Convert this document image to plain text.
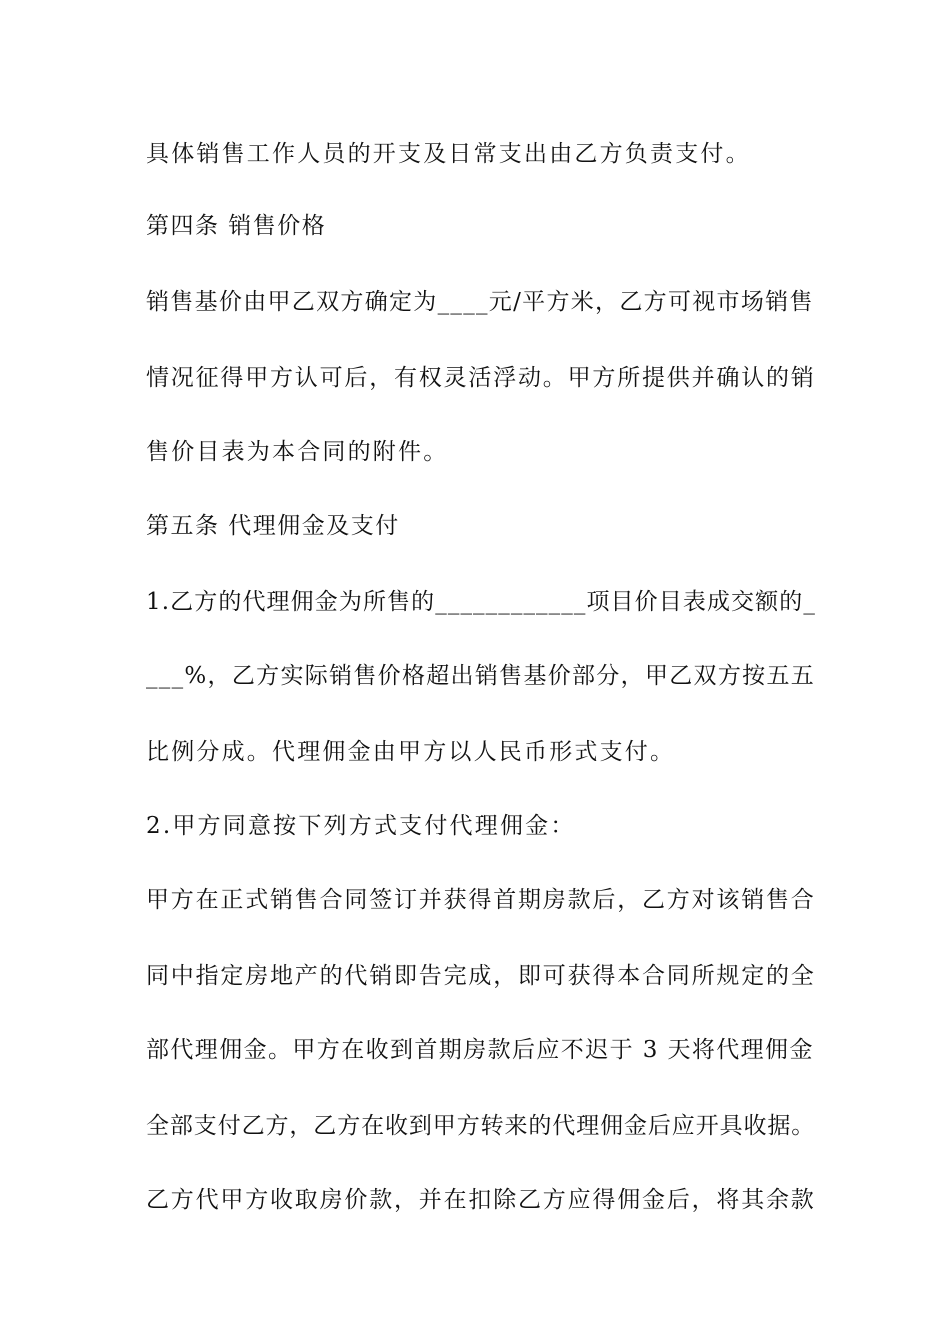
具体销售工作人员的开支及日常支出由乙方负责支付。
第四条 销售价格
销售基价由甲乙双方确定为____元/平方米，乙方可视市场销售
情况征得甲方认可后，有权灵活浮动。甲方所提供并确认的销
售价目表为本合同的附件。
第五条 代理佣金及支付
1.乙方的代理佣金为所售的____________项目价目表成交额的_
___%，乙方实际销售价格超出销售基价部分，甲乙双方按五五
比例分成。代理佣金由甲方以人民币形式支付。
2.甲方同意按下列方式支付代理佣金：
甲方在正式销售合同签订并获得首期房款后，乙方对该销售合
同中指定房地产的代销即告完成，即可获得本合同所规定的全
部代理佣金。甲方在收到首期房款后应不迟于 3 天将代理佣金
全部支付乙方，乙方在收到甲方转来的代理佣金后应开具收据。
乙方代甲方收取房价款，并在扣除乙方应得佣金后，将其余款
